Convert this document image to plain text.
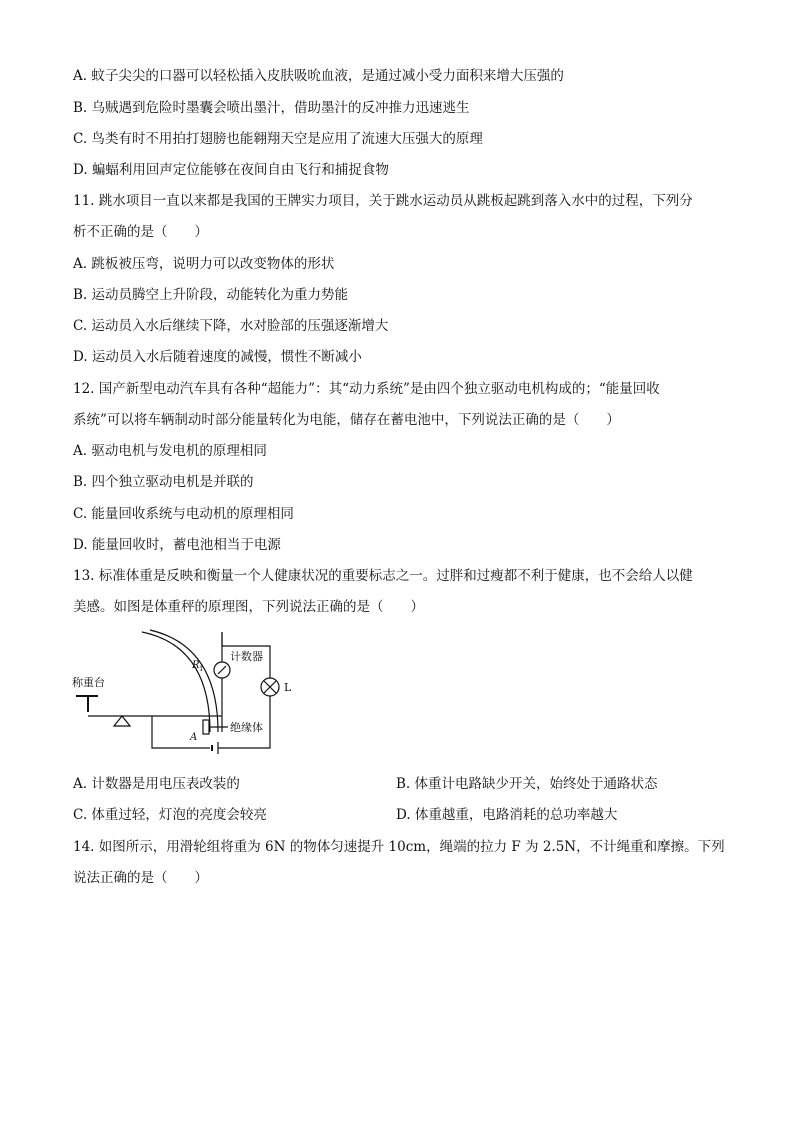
A. 蚊子尖尖的口器可以轻松插入皮肤吸吮血液，是通过减小受力面积来增大压强的

B. 乌贼遇到危险时墨囊会喷出墨汁，借助墨汁的反冲推力迅速逃生

C. 鸟类有时不用拍打翅膀也能翱翔天空是应用了流速大压强大的原理

D. 蝙蝠利用回声定位能够在夜间自由飞行和捕捉食物

11. 跳水项目一直以来都是我国的王牌实力项目，关于跳水运动员从跳板起跳到落入水中的过程，下列分

析不正确的是（　　）

A. 跳板被压弯，说明力可以改变物体的形状

B. 运动员腾空上升阶段，动能转化为重力势能

C. 运动员入水后继续下降，水对脸部的压强逐渐增大

D. 运动员入水后随着速度的减慢，惯性不断减小

12. 国产新型电动汽车具有各种“超能力”：其“动力系统”是由四个独立驱动电机构成的；“能量回收

系统”可以将车辆制动时部分能量转化为电能，储存在蓄电池中，下列说法正确的是（　　）

A. 驱动电机与发电机的原理相同

B. 四个独立驱动电机是并联的

C. 能量回收系统与电动机的原理相同

D. 能量回收时，蓄电池相当于电源

13. 标准体重是反映和衡量一个人健康状况的重要标志之一。过胖和过瘦都不利于健康，也不会给人以健

美感。如图是体重秤的原理图，下列说法正确的是（　　）

称重台
R 1
计数器
L
绝缘体
A

A. 计数器是用电压表改装的	B. 体重计电路缺少开关，始终处于通路状态

C. 体重过轻，灯泡的亮度会较亮	D. 体重越重，电路消耗的总功率越大

14. 如图所示，用滑轮组将重为 6N 的物体匀速提升 10cm，绳端的拉力 F 为 2.5N，不计绳重和摩擦。下列

说法正确的是（　　）
